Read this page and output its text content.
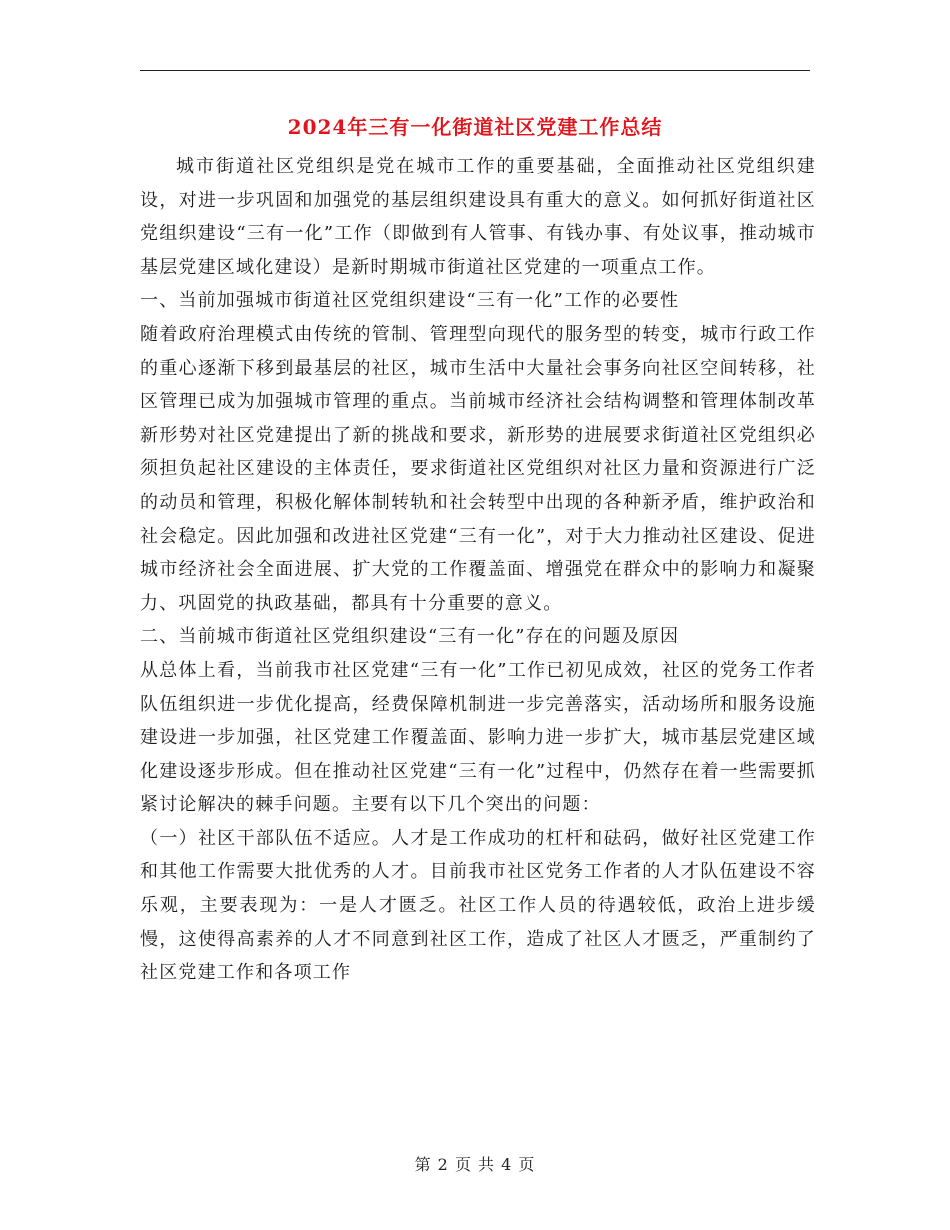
2024年三有一化街道社区党建工作总结

城市街道社区党组织是党在城市工作的重要基础，全面推动社区党组织建设，对进一步巩固和加强党的基层组织建设具有重大的意义。如何抓好街道社区党组织建设“三有一化”工作（即做到有人管事、有钱办事、有处议事，推动城市基层党建区域化建设）是新时期城市街道社区党建的一项重点工作。

一、当前加强城市街道社区党组织建设“三有一化”工作的必要性

随着政府治理模式由传统的管制、管理型向现代的服务型的转变，城市行政工作的重心逐渐下移到最基层的社区，城市生活中大量社会事务向社区空间转移，社区管理已成为加强城市管理的重点。当前城市经济社会结构调整和管理体制改革新形势对社区党建提出了新的挑战和要求，新形势的进展要求街道社区党组织必须担负起社区建设的主体责任，要求街道社区党组织对社区力量和资源进行广泛的动员和管理，积极化解体制转轨和社会转型中出现的各种新矛盾，维护政治和社会稳定。因此加强和改进社区党建“三有一化”，对于大力推动社区建设、促进城市经济社会全面进展、扩大党的工作覆盖面、增强党在群众中的影响力和凝聚力、巩固党的执政基础，都具有十分重要的意义。

二、当前城市街道社区党组织建设“三有一化”存在的问题及原因

从总体上看，当前我市社区党建“三有一化”工作已初见成效，社区的党务工作者队伍组织进一步优化提高，经费保障机制进一步完善落实，活动场所和服务设施建设进一步加强，社区党建工作覆盖面、影响力进一步扩大，城市基层党建区域化建设逐步形成。但在推动社区党建“三有一化”过程中，仍然存在着一些需要抓紧讨论解决的棘手问题。主要有以下几个突出的问题：

（一）社区干部队伍不适应。人才是工作成功的杠杆和砝码，做好社区党建工作和其他工作需要大批优秀的人才。目前我市社区党务工作者的人才队伍建设不容乐观，主要表现为：一是人才匮乏。社区工作人员的待遇较低，政治上进步缓慢，这使得高素养的人才不同意到社区工作，造成了社区人才匮乏，严重制约了社区党建工作和各项工作

第 2 页 共 4 页
